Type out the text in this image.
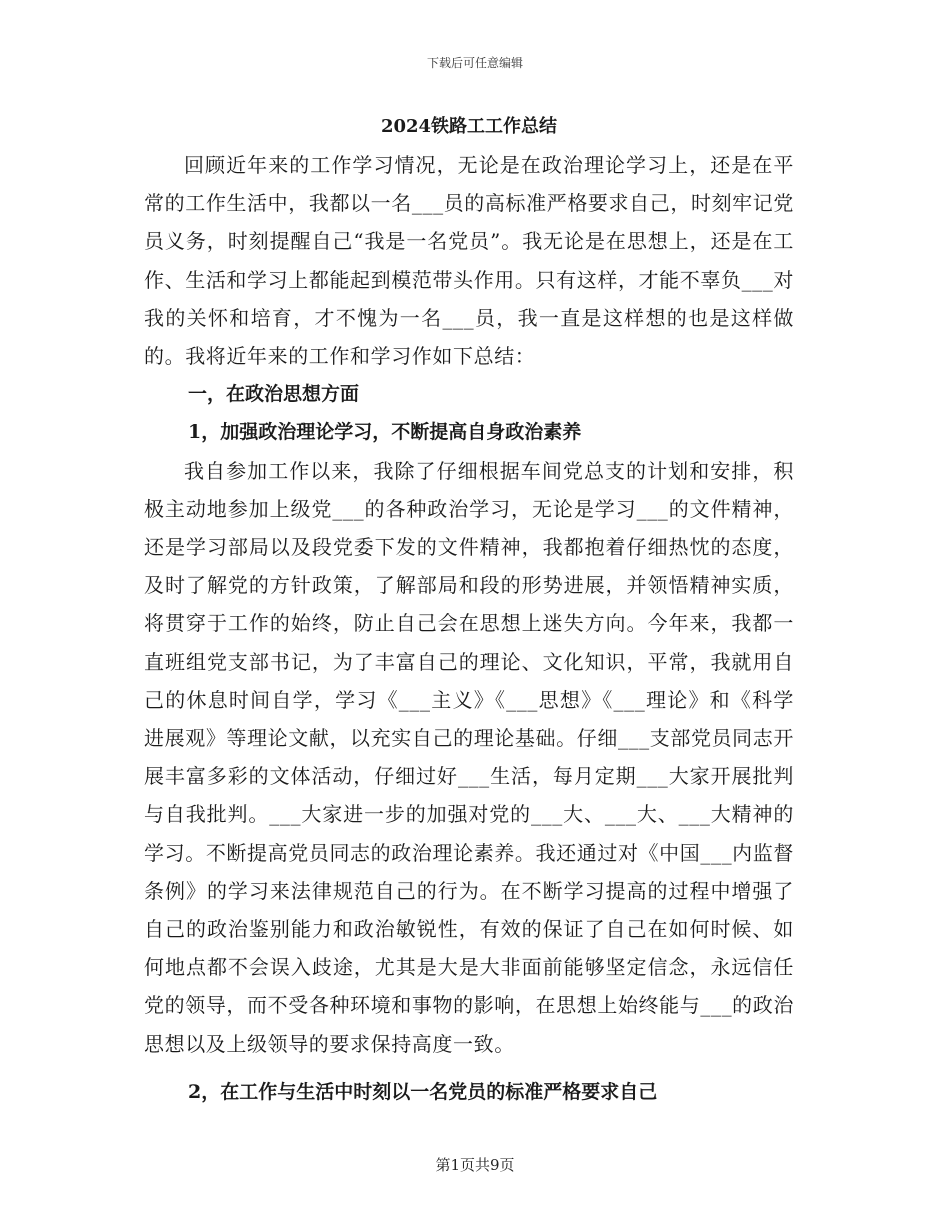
下载后可任意编辑
2024铁路工工作总结

回顾近年来的工作学习情况，无论是在政治理论学习上，还是在平常的工作生活中，我都以一名___员的高标准严格要求自己，时刻牢记党员义务，时刻提醒自己“我是一名党员”。我无论是在思想上，还是在工作、生活和学习上都能起到模范带头作用。只有这样，才能不辜负___对我的关怀和培育，才不愧为一名___员，我一直是这样想的也是这样做的。我将近年来的工作和学习作如下总结：

一，在政治思想方面
1，加强政治理论学习，不断提高自身政治素养

我自参加工作以来，我除了仔细根据车间党总支的计划和安排，积极主动地参加上级党___的各种政治学习，无论是学习___的文件精神，还是学习部局以及段党委下发的文件精神，我都抱着仔细热忱的态度，及时了解党的方针政策，了解部局和段的形势进展，并领悟精神实质，将贯穿于工作的始终，防止自己会在思想上迷失方向。今年来，我都一直班组党支部书记，为了丰富自己的理论、文化知识，平常，我就用自己的休息时间自学，学习《___主义》《___思想》《___理论》和《科学进展观》等理论文献，以充实自己的理论基础。仔细___支部党员同志开展丰富多彩的文体活动，仔细过好___生活，每月定期___大家开展批判与自我批判。___大家进一步的加强对党的___大、___大、___大精神的学习。不断提高党员同志的政治理论素养。我还通过对《中国___内监督条例》的学习来法律规范自己的行为。在不断学习提高的过程中增强了自己的政治鉴别能力和政治敏锐性，有效的保证了自己在如何时候、如何地点都不会误入歧途，尤其是大是大非面前能够坚定信念，永远信任党的领导，而不受各种环境和事物的影响，在思想上始终能与___的政治思想以及上级领导的要求保持高度一致。

2，在工作与生活中时刻以一名党员的标准严格要求自己
第1页共9页
